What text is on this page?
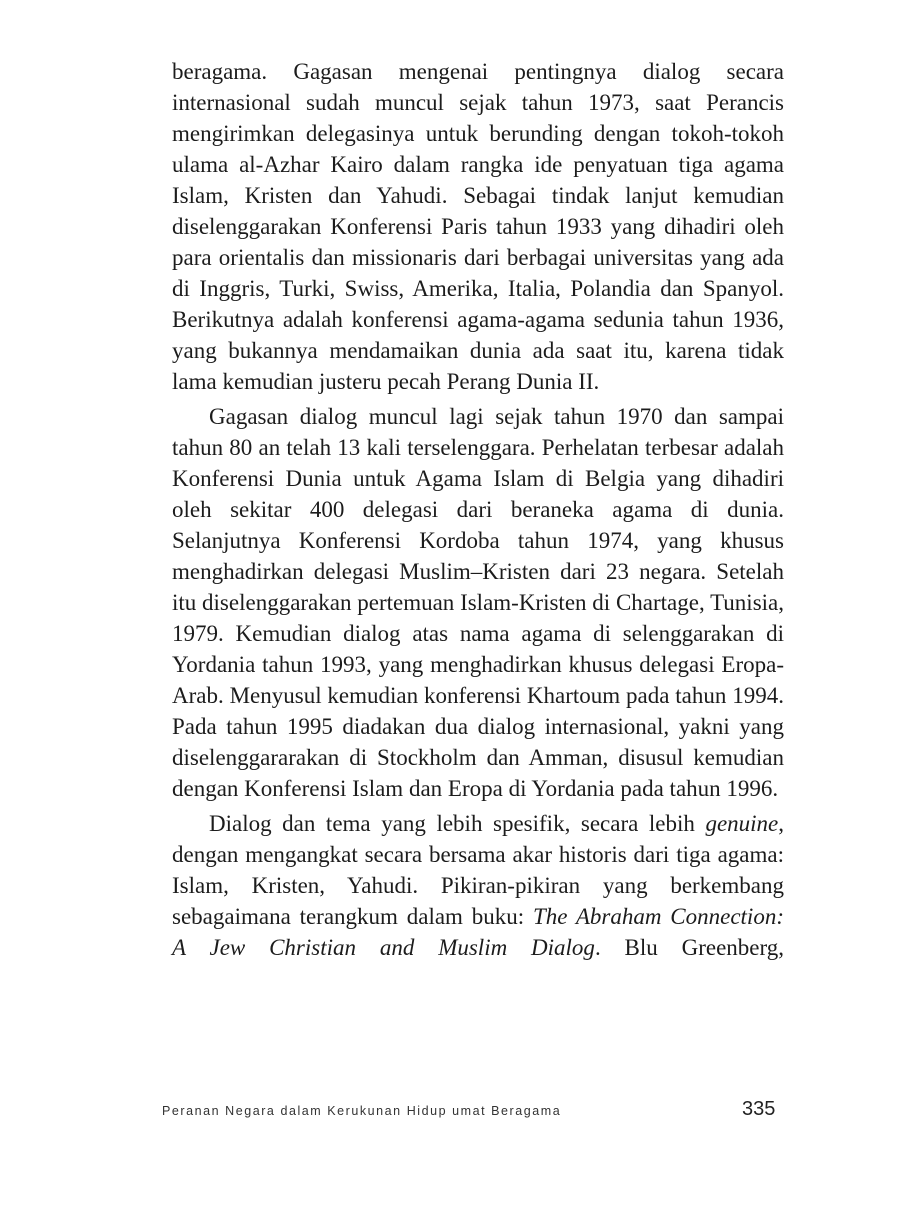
beragama. Gagasan mengenai pentingnya dialog secara internasional sudah muncul sejak tahun 1973, saat Perancis mengirimkan delegasinya untuk berunding dengan tokoh-tokoh ulama al-Azhar Kairo dalam rangka ide penyatuan tiga agama Islam, Kristen dan Yahudi. Sebagai tindak lanjut kemudian diselenggarakan Konferensi Paris tahun 1933 yang dihadiri oleh para orientalis dan missionaris dari berbagai universitas yang ada di Inggris, Turki, Swiss, Amerika, Italia, Polandia dan Spanyol. Berikutnya adalah konferensi agama-agama sedunia tahun 1936, yang bukannya mendamaikan dunia ada saat itu, karena tidak lama kemudian justeru pecah Perang Dunia II.

Gagasan dialog muncul lagi sejak tahun 1970 dan sampai tahun 80 an telah 13 kali terselenggara. Perhelatan terbesar adalah Konferensi Dunia untuk Agama Islam di Belgia yang dihadiri oleh sekitar 400 delegasi dari beraneka agama di dunia. Selanjutnya Konferensi Kordoba tahun 1974, yang khusus menghadirkan delegasi Muslim–Kristen dari 23 negara. Setelah itu diselenggarakan pertemuan Islam-Kristen di Chartage, Tunisia, 1979. Kemudian dialog atas nama agama di selenggarakan di Yordania tahun 1993, yang menghadirkan khusus delegasi Eropa-Arab. Menyusul kemudian konferensi Khartoum pada tahun 1994. Pada tahun 1995 diadakan dua dialog internasional, yakni yang diselenggararakan di Stockholm dan Amman, disusul kemudian dengan Konferensi Islam dan Eropa di Yordania pada tahun 1996.

Dialog dan tema yang lebih spesifik, secara lebih genuine, dengan mengangkat secara bersama akar historis dari tiga agama: Islam, Kristen, Yahudi. Pikiran-pikiran yang berkembang sebagaimana terangkum dalam buku: The Abraham Connection: A Jew Christian and Muslim Dialog. Blu Greenberg,

Peranan Negara dalam Kerukunan Hidup umat Beragama	335
